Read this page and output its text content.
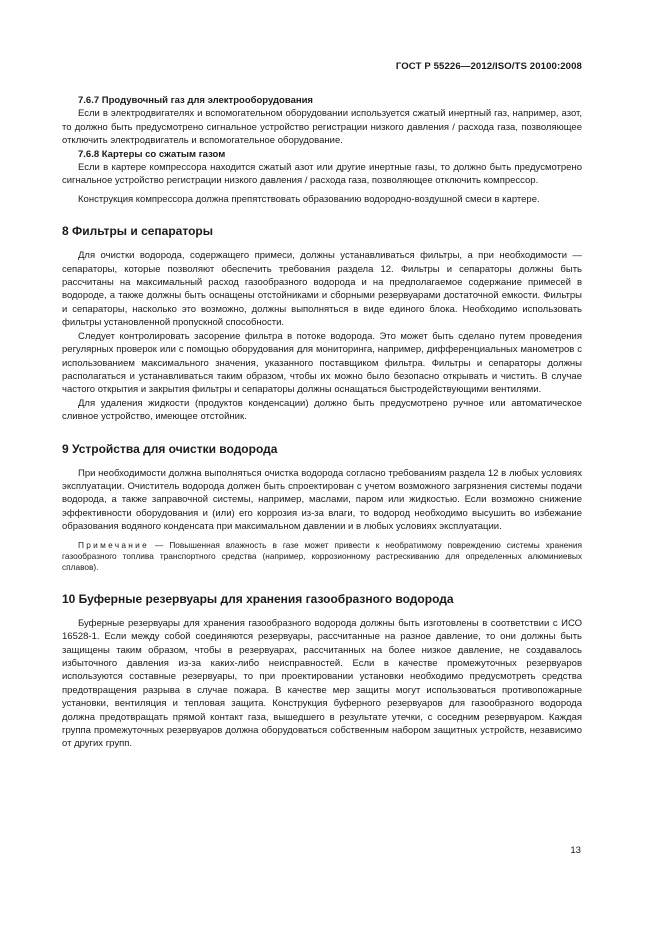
ГОСТ Р 55226—2012/ISO/TS 20100:2008
7.6.7 Продувочный газ для электрооборудования

Если в электродвигателях и вспомогательном оборудовании используется сжатый инертный газ, например, азот, то должно быть предусмотрено сигнальное устройство регистрации низкого давления / расхода газа, позволяющее отключить электродвигатель и вспомогательное оборудование.

7.6.8 Картеры со сжатым газом

Если в картере компрессора находится сжатый азот или другие инертные газы, то должно быть предусмотрено сигнальное устройство регистрации низкого давления / расхода газа, позволяющее отключить компрессор.

Конструкция компрессора должна препятствовать образованию водородно-воздушной смеси в картере.

8 Фильтры и сепараторы

Для очистки водорода, содержащего примеси, должны устанавливаться фильтры, а при необходимости — сепараторы, которые позволяют обеспечить требования раздела 12. Фильтры и сепараторы должны быть рассчитаны на максимальный расход газообразного водорода и на предполагаемое содержание примесей в водороде, а также должны быть оснащены отстойниками и сборными резервуарами достаточной емкости. Фильтры и сепараторы, насколько это возможно, должны выполняться в виде единого блока. Необходимо использовать фильтры установленной пропускной способности.

Следует контролировать засорение фильтра в потоке водорода. Это может быть сделано путем проведения регулярных проверок или с помощью оборудования для мониторинга, например, дифференциальных манометров с использованием максимального значения, указанного поставщиком фильтра. Фильтры и сепараторы должны располагаться и устанавливаться таким образом, чтобы их можно было безопасно открывать и чистить. В случае частого открытия и закрытия фильтры и сепараторы должны оснащаться быстродействующими вентилями.

Для удаления жидкости (продуктов конденсации) должно быть предусмотрено ручное или автоматическое сливное устройство, имеющее отстойник.

9 Устройства для очистки водорода

При необходимости должна выполняться очистка водорода согласно требованиям раздела 12 в любых условиях эксплуатации. Очиститель водорода должен быть спроектирован с учетом возможного загрязнения системы подачи водорода, а также заправочной системы, например, маслами, паром или жидкостью. Если возможно снижение эффективности оборудования и (или) его коррозия из-за влаги, то водород необходимо высушить во избежание образования водяного конденсата при максимальном давлении и в любых условиях эксплуатации.

Примечание — Повышенная влажность в газе может привести к необратимому повреждению системы хранения газообразного топлива транспортного средства (например, коррозионному растрескиванию для определенных алюминиевых сплавов).
10 Буферные резервуары для хранения газообразного водорода

Буферные резервуары для хранения газообразного водорода должны быть изготовлены в соответствии с ИСО 16528-1. Если между собой соединяются резервуары, рассчитанные на разное давление, то они должны быть защищены таким образом, чтобы в резервуарах, рассчитанных на более низкое давление, не создавалось избыточного давления из-за каких-либо неисправностей. Если в качестве промежуточных резервуаров используются составные резервуары, то при проектировании установки необходимо предусмотреть средства предотвращения разрыва в случае пожара. В качестве мер защиты могут использоваться противопожарные установки, вентиляция и тепловая защита. Конструкция буферного резервуаров для газообразного водорода должна предотвращать прямой контакт газа, вышедшего в результате утечки, с соседним резервуаром. Каждая группа промежуточных резервуаров должна оборудоваться собственным набором защитных устройств, независимо от других групп.

13
